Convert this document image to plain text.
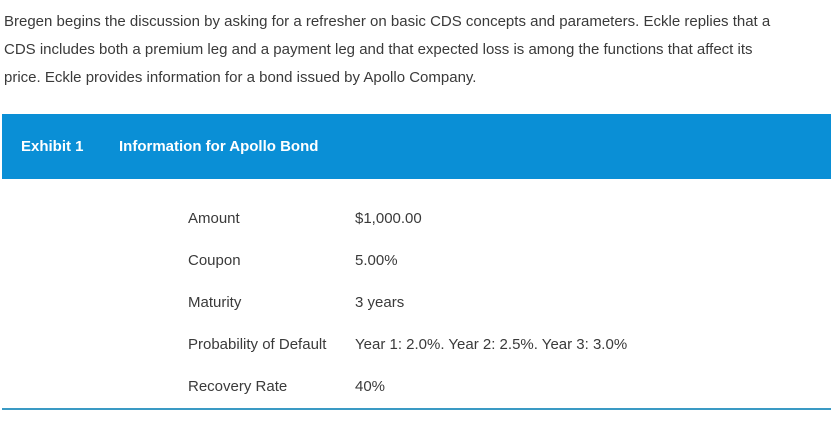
Bregen begins the discussion by asking for a refresher on basic CDS concepts and parameters. Eckle replies that a
CDS includes both a premium leg and a payment leg and that expected loss is among the functions that affect its
price. Eckle provides information for a bond issued by Apollo Company.
Exhibit 1	Information for Apollo Bond
Amount	$1,000.00
Coupon	5.00%
Maturity	3 years
Probability of Default	Year 1: 2.0%. Year 2: 2.5%. Year 3: 3.0%
Recovery Rate	40%
